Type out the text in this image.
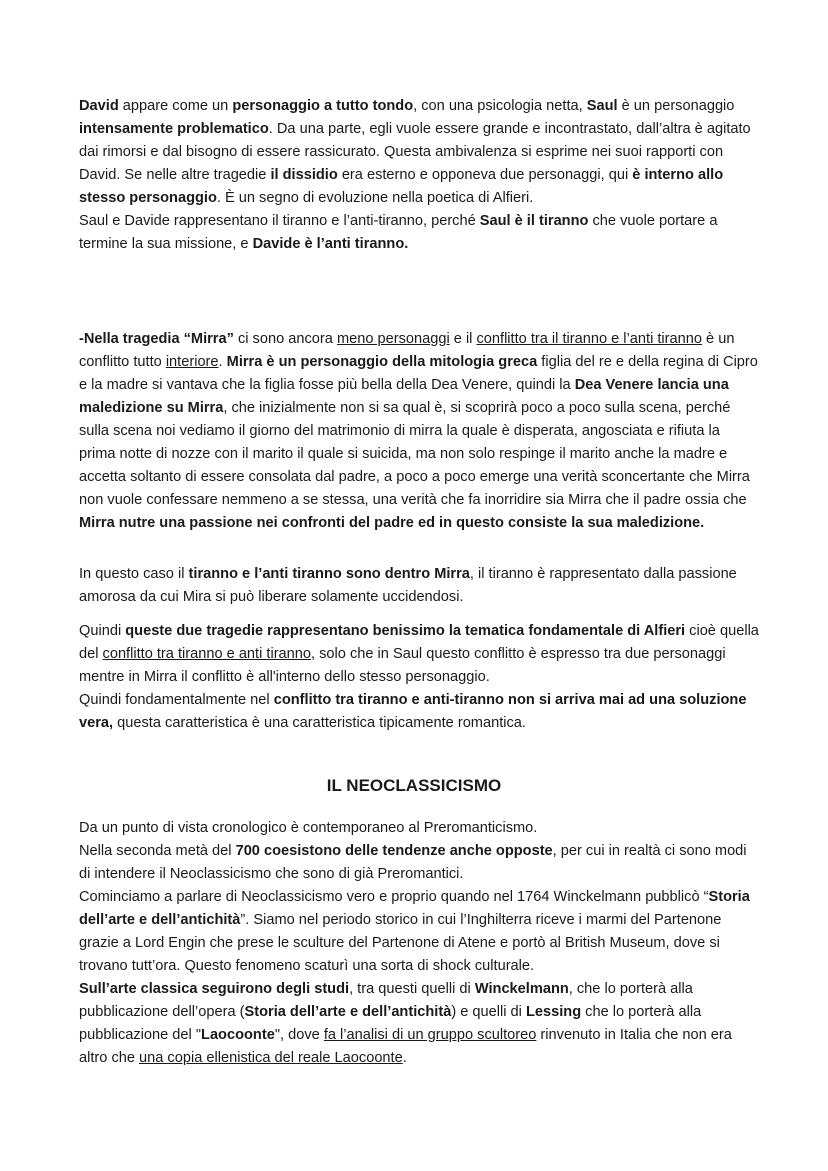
David appare come un personaggio a tutto tondo, con una psicologia netta, Saul è un personaggio intensamente problematico. Da una parte, egli vuole essere grande e incontrastato, dall’altra è agitato dai rimorsi e dal bisogno di essere rassicurato. Questa ambivalenza si esprime nei suoi rapporti con David. Se nelle altre tragedie il dissidio era esterno e opponeva due personaggi, qui è interno allo stesso personaggio. È un segno di evoluzione nella poetica di Alfieri.
Saul e Davide rappresentano il tiranno e l’anti-tiranno, perché Saul è il tiranno che vuole portare a termine la sua missione, e Davide è l’anti tiranno.

-Nella tragedia “Mirra” ci sono ancora meno personaggi e il conflitto tra il tiranno e l’anti tiranno è un conflitto tutto interiore. Mirra è un personaggio della mitologia greca figlia del re e della regina di Cipro e la madre si vantava che la figlia fosse più bella della Dea Venere, quindi la Dea Venere lancia una maledizione su Mirra, che inizialmente non si sa qual è, si scoprirà poco a poco sulla scena, perché sulla scena noi vediamo il giorno del matrimonio di mirra la quale è disperata, angosciata e rifiuta la prima notte di nozze con il marito il quale si suicida, ma non solo respinge il marito anche la madre e accetta soltanto di essere consolata dal padre, a poco a poco emerge una verità sconcertante che Mirra non vuole confessare nemmeno a se stessa, una verità che fa inorridire sia Mirra che il padre ossia che Mirra nutre una passione nei confronti del padre ed in questo consiste la sua maledizione.

In questo caso il tiranno e l’anti tiranno sono dentro Mirra, il tiranno è rappresentato dalla passione amorosa da cui Mira si può liberare solamente uccidendosi.

Quindi queste due tragedie rappresentano benissimo la tematica fondamentale di Alfieri cioè quella del conflitto tra tiranno e anti tiranno, solo che in Saul questo conflitto è espresso tra due personaggi mentre in Mirra il conflitto è all'interno dello stesso personaggio.
Quindi fondamentalmente nel conflitto tra tiranno e anti-tiranno non si arriva mai ad una soluzione vera, questa caratteristica è una caratteristica tipicamente romantica.

IL NEOCLASSICISMO

Da un punto di vista cronologico è contemporaneo al Preromanticismo.
Nella seconda metà del 700 coesistono delle tendenze anche opposte, per cui in realtà ci sono modi di intendere il Neoclassicismo che sono di già Preromantici.
Cominciamo a parlare di Neoclassicismo vero e proprio quando nel 1764 Winckelmann pubblicò “Storia dell’arte e dell’antichità”. Siamo nel periodo storico in cui l’Inghilterra riceve i marmi del Partenone grazie a Lord Engin che prese le sculture del Partenone di Atene e portò al British Museum, dove si trovano tutt’ora. Questo fenomeno scaturì una sorta di shock culturale.
Sull’arte classica seguirono degli studi, tra questi quelli di Winckelmann, che lo porterà alla pubblicazione dell’opera (Storia dell’arte e dell’antichità) e quelli di Lessing che lo porterà alla pubblicazione del "Laocoonte", dove fa l’analisi di un gruppo scultoreo rinvenuto in Italia che non era altro che una copia ellenistica del reale Laocoonte.
